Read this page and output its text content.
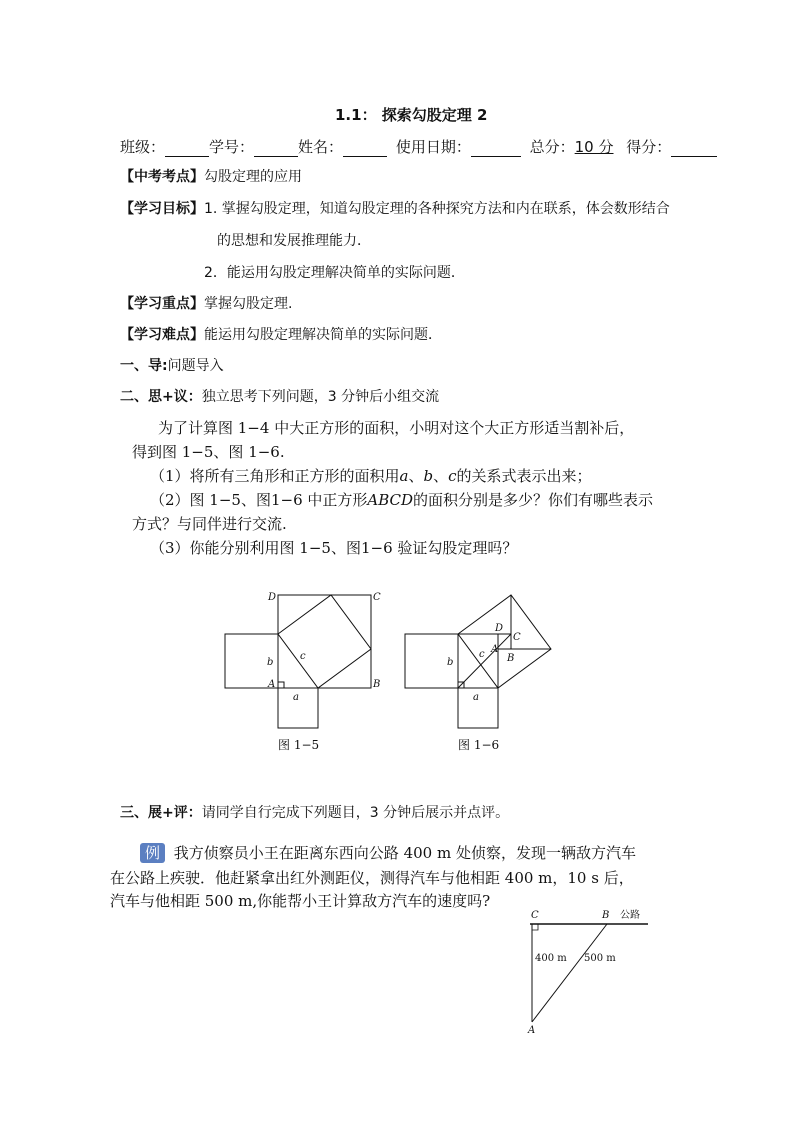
1.1： 探索勾股定理 2
班级：	学号：	姓名：	使用日期：	总分：10 分 得分：
【中考考点】勾股定理的应用
【学习目标】1. 掌握勾股定理，知道勾股定理的各种探究方法和内在联系，体会数形结合
的思想和发展推理能力．
2．能运用勾股定理解决简单的实际问题．
【学习重点】掌握勾股定理.
【学习难点】能运用勾股定理解决简单的实际问题．
一、导:问题导入
二、思+议：独立思考下列问题，3 分钟后小组交流
为了计算图 1−4 中大正方形的面积，小明对这个大正方形适当割补后，
得到图 1−5、图 1−6.
（1）将所有三角形和正方形的面积用a、b、c的关系式表示出来；
（2）图 1−5、图1−6 中正方形ABCD的面积分别是多少？你们有哪些表示
方式？与同伴进行交流.
（3）你能分别利用图 1−5、图1−6 验证勾股定理吗？
D	C
A	B
b
c
a
图 1−5
D
C
A
B
b
c
a
图 1−6
三、展+评：请同学自行完成下列题目，3 分钟后展示并点评。
例 我方侦察员小王在距离东西向公路 400 m 处侦察，发现一辆敌方汽车
在公路上疾驶．他赶紧拿出红外测距仪，测得汽车与他相距 400 m，10 s 后，
汽车与他相距 500 m,你能帮小王计算敌方汽车的速度吗?
C	B 公路
A
400 m 500 m
